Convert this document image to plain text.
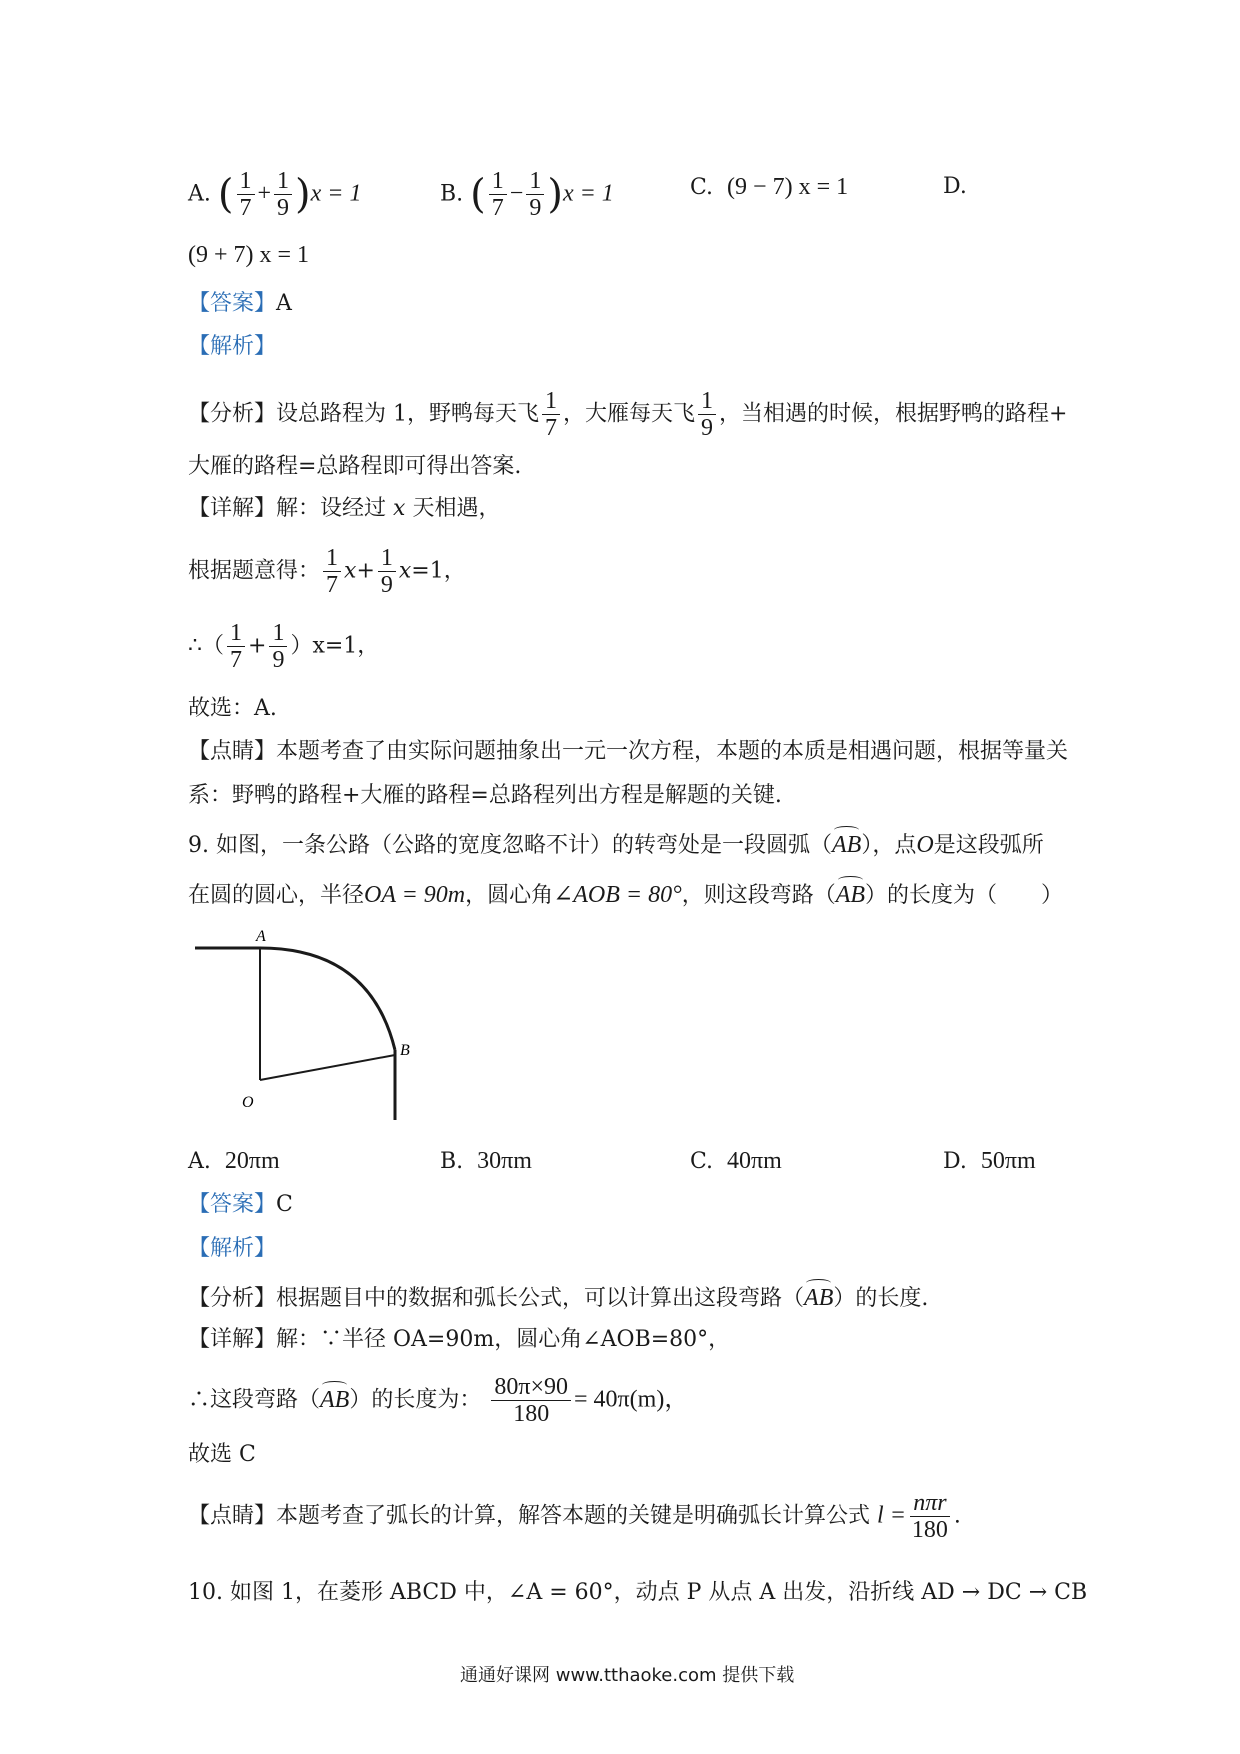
A. ( $\frac{1}{7} + \frac{1}{9} )x = 1$	B. ( $\frac{1}{7} - \frac{1}{9} )x = 1$	C. (9 − 7) x = 1	D.
(9 + 7) x = 1
【答案】A
【解析】
【分析】设总路程为 1，野鸭每天飞 $\frac{1}{7}$ ，大雁每天飞 $\frac{1}{9}$ ，当相遇的时候，根据野鸭的路程+
大雁的路程=总路程即可得出答案.
【详解】解：设经过 x 天相遇，
根据题意得： $\frac{1}{7} x+ \frac{1}{9} x=1$，
∴（ $\frac{1}{7} + \frac{1}{9} )x=1$，
故选：A.
【点睛】本题考查了由实际问题抽象出一元一次方程，本题的本质是相遇问题，根据等量关
系：野鸭的路程+大雁的路程=总路程列出方程是解题的关键.
9. 如图，一条公路（公路的宽度忽略不计）的转弯处是一段圆弧（AB），点O是这段弧所
在圆的圆心，半径OA = 90m，圆心角∠AOB = 80°，则这段弯路（AB）的长度为（　　）
A
B
O
A. 20πm	B. 30πm	C. 40πm	D. 50πm
【答案】C
【解析】
【分析】根据题目中的数据和弧长公式，可以计算出这段弯路（AB）的长度.
【详解】解：∵半径 OA=90m，圆心角∠AOB=80°，
∴这段弯路（AB）的长度为： $\frac{80\pi\times 90}{180} = 40\pi(m)$，
故选 C
【点睛】本题考查了弧长的计算，解答本题的关键是明确弧长计算公式 $l = \frac{\text{nπr}}{180}$ .
10. 如图 1，在菱形 ABCD 中，∠A = 60°，动点 P 从点 A 出发，沿折线 AD → DC → CB
通通好课网 www.tthaoke.com 提供下载
